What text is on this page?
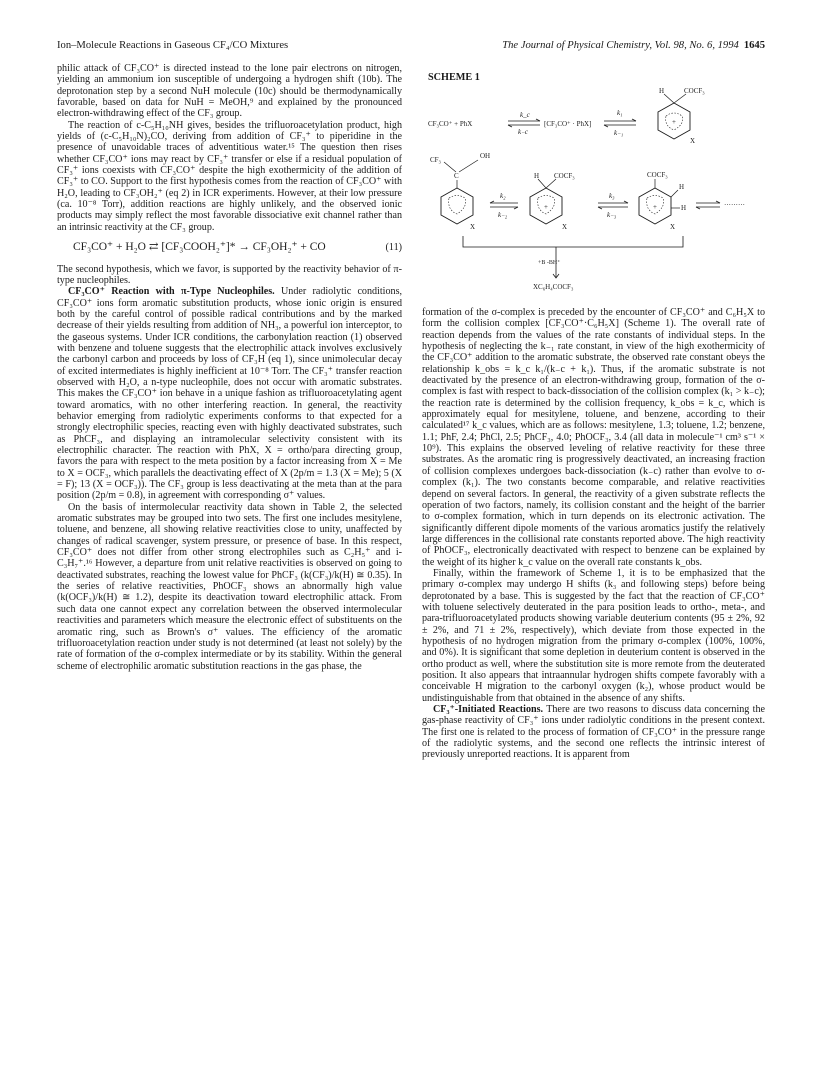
Ion–Molecule Reactions in Gaseous CF₄/CO Mixtures	The Journal of Physical Chemistry, Vol. 98, No. 6, 1994 1645

philic attack of CF₃CO⁺ is directed instead to the lone pair electrons on nitrogen, yielding an ammonium ion susceptible of undergoing a hydrogen shift (10b). The deprotonation step by a second NuH molecule (10c) should be thermodynamically favorable, based on data for NuH = MeOH,⁹ and explained by the pronounced electron-withdrawing effect of the CF₃ group.

The reaction of c-C₅H₁₀NH gives, besides the trifluoroacetylation product, high yields of (c-C₅H₁₀N)₂CO, deriving from addition of CF₃⁺ to piperidine in the presence of unavoidable traces of adventitious water.¹⁵ The question then rises whether CF₃CO⁺ ions may react by CF₃⁺ transfer or else if a residual population of CF₃⁺ ions coexists with CF₃CO⁺ despite the high exothermicity of the addition of CF₃⁺ to CO. Support to the first hypothesis comes from the reaction of CF₃CO⁺ with H₂O, leading to CF₃OH₂⁺ (eq 2) in ICR experiments. However, at their low pressure (ca. 10⁻⁸ Torr), addition reactions are highly unlikely, and the observed ionic products may simply reflect the most favorable dissociative exit channel rather than an intrinsic reactivity at the CF₃ group.

CF₃CO⁺ + H₂O ⇄ [CF₃COOH₂⁺]* → CF₃OH₂⁺ + CO	(11)

The second hypothesis, which we favor, is supported by the reactivity behavior of π-type nucleophiles.

CF₃CO⁺ Reaction with π-Type Nucleophiles. Under radiolytic conditions, CF₃CO⁺ ions form aromatic substitution products, whose ionic origin is ensured both by the careful control of possible radical contributions and by the marked decrease of their yields resulting from addition of NH₃, a powerful ion interceptor, to the gaseous systems. Under ICR conditions, the carbonylation reaction (1) observed with benzene and toluene suggests that the electrophilic attack involves exclusively the carbonyl carbon and proceeds by loss of CF₃H (eq 1), since unimolecular decay of excited intermediates is highly inefficient at 10⁻⁸ Torr. The CF₃⁺ transfer reaction observed with H₂O, a n-type nucleophile, does not occur with aromatic substrates. This makes the CF₃CO⁺ ion behave in a unique fashion as trifluoroacetylating agent toward aromatics, with no other interfering reaction. In general, the reactivity behavior emerging from radiolytic experiments conforms to that expected for a strongly electrophilic species, reacting even with highly deactivated substrates, such as PhCF₃, and displaying an intramolecular selectivity consistent with its electrophilic character. The reaction with PhX, X = ortho/para directing group, favors the para with respect to the meta position by a factor increasing from X = Me to X = OCF₃, which parallels the deactivating effect of X (2p/m = 1.3 (X = Me); 5 (X = F); 13 (X = OCF₃)). The CF₃ group is less deactivating at the meta than at the para position (2p/m = 0.8), in agreement with corresponding σ⁺ values.

On the basis of intermolecular reactivity data shown in Table 2, the selected aromatic substrates may be grouped into two sets. The first one includes mesitylene, toluene, and benzene, all showing relative reactivities close to unity, unaffected by changes of radical scavenger, system pressure, or presence of base. In this respect, CF₃CO⁺ does not differ from other strong electrophiles such as C₂H₅⁺ and i-C₃H₇⁺.¹⁶ However, a departure from unit relative reactivities is observed on going to deactivated substrates, reaching the lowest value for PhCF₃ (k(CF₃)/k(H) ≅ 0.35). In the series of relative reactivities, PhOCF₃ shows an abnormally high value (k(OCF₃)/k(H) ≅ 1.2), despite its deactivation toward electrophilic attack. From such data one cannot expect any correlation between the observed intermolecular reactivities and parameters which measure the electronic effect of substituents on the aromatic ring, such as Brown's σ⁺ values. The efficiency of the aromatic trifluoroacetylation reaction under study is not determined (at least not solely) by the rate of formation of the σ-complex intermediate or by its stability. Within the general scheme of electrophilic aromatic substitution reactions in the gas phase, the

SCHEME 1
CF₃CO⁺ + PhX
k_c
k₋c
[CF₃CO⁺ · PhX]
k₁
k₋₁
+
H	COCF₃
X
CF₃	OH
C
X
k₂
k₋₂
+
H COCF₃
X
k₃
k₋₃
+
COCF₃
H
H
X
·········
+B -BH⁺
XC₆H₄COCF₃

formation of the σ-complex is preceded by the encounter of CF₃CO⁺ and C₆H₅X to form the collision complex [CF₃CO⁺·C₆H₅X] (Scheme 1). The overall rate of reaction depends from the values of the rate constants of individual steps. In the hypothesis of neglecting the k₋₁ rate constant, in view of the high exothermicity of the CF₃CO⁺ addition to the aromatic substrate, the observed rate constant obeys the relationship k_obs = k_c k₁/(k₋c + k₁). Thus, if the aromatic substrate is not deactivated by the presence of an electron-withdrawing group, formation of the σ-complex is fast with respect to back-dissociation of the collision complex (k₁ > k₋c); the reaction rate is determined by the collision frequency, k_obs = k_c, which is approximately equal for mesitylene, toluene, and benzene, according to their calculated¹⁷ k_c values, which are as follows: mesitylene, 1.3; toluene, 1.2; benzene, 1.1; PhF, 2.4; PhCl, 2.5; PhCF₃, 4.0; PhOCF₃, 3.4 (all data in molecule⁻¹ cm³ s⁻¹ × 10⁹). This explains the observed leveling of relative reactivity for these three substrates. As the aromatic ring is progressively deactivated, an increasing fraction of collision complexes undergoes back-dissociation (k₋c) rather than evolve to σ-complex (k₁). The two constants become comparable, and relative reactivities depend on several factors. In general, the reactivity of a given substrate reflects the operation of two factors, namely, its collision constant and the height of the barrier to σ-complex formation, which in turn depends on its electronic activation. The significantly different dipole moments of the various aromatics justify the relatively large differences in the collisional rate constants reported above. The high reactivity of PhOCF₃, electronically deactivated with respect to benzene can be explained by the weight of its higher k_c value on the overall rate constants k_obs.

Finally, within the framework of Scheme 1, it is to be emphasized that the primary σ-complex may undergo H shifts (k₃ and following steps) before being deprotonated by a base. This is suggested by the fact that the reaction of CF₃CO⁺ with toluene selectively deuterated in the para position leads to ortho-, meta-, and para-trifluoroacetylated products showing variable deuterium contents (95 ± 2%, 92 ± 2%, and 71 ± 2%, respectively), which deviate from those expected in the hypothesis of no hydrogen migration from the primary σ-complex (100%, 100%, and 0%). It is significant that some depletion in deuterium content is observed in the ortho product as well, where the substitution site is more remote from the deuterated position. It also appears that intraannular hydrogen shifts compete favorably with a conceivable H migration to the carbonyl oxygen (k₂), whose product would be undistinguishable from that obtained in the absence of any shifts.

CF₃⁺-Initiated Reactions. There are two reasons to discuss data concerning the gas-phase reactivity of CF₃⁺ ions under radiolytic conditions in the present context. The first one is related to the process of formation of CF₃CO⁺ in the pressure range of the radiolytic systems, and the second one reflects the intrinsic interest of previously unreported reactions. It is apparent from
